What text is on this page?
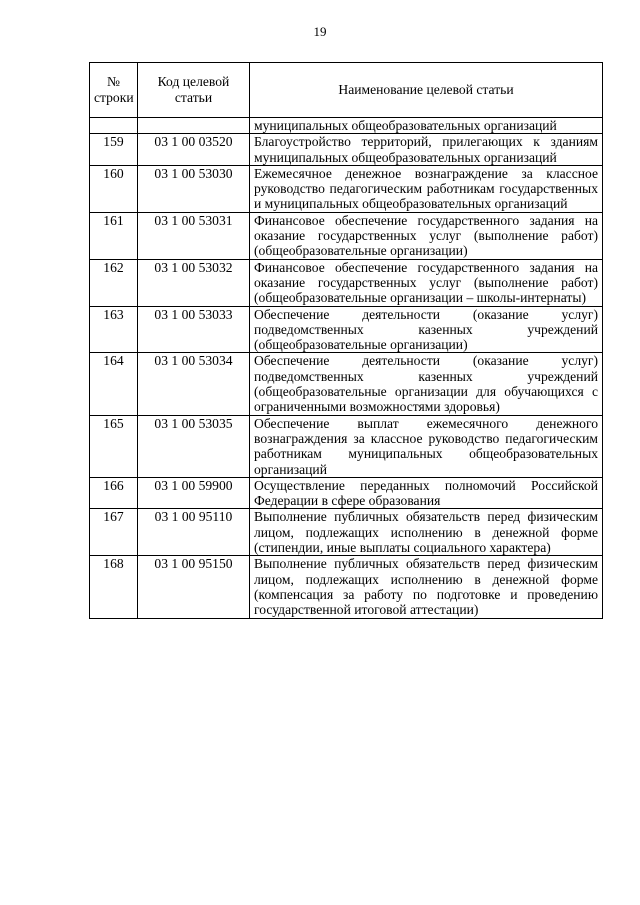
19
№ строки	Код целевой статьи	Наименование целевой статьи
		муниципальных общеобразовательных организаций
159	03 1 00 03520	Благоустройство территорий, прилегающих к зданиям муниципальных общеобразовательных организаций
160	03 1 00 53030	Ежемесячное денежное вознаграждение за классное руководство педагогическим работникам государственных и муниципальных общеобразовательных организаций
161	03 1 00 53031	Финансовое обеспечение государственного задания на оказание государственных услуг (выполнение работ) (общеобразовательные организации)
162	03 1 00 53032	Финансовое обеспечение государственного задания на оказание государственных услуг (выполнение работ) (общеобразовательные организации – школы-интернаты)
163	03 1 00 53033	Обеспечение деятельности (оказание услуг) подведомственных казенных учреждений (общеобразовательные организации)
164	03 1 00 53034	Обеспечение деятельности (оказание услуг) подведомственных казенных учреждений (общеобразовательные организации для обучающихся с ограниченными возможностями здоровья)
165	03 1 00 53035	Обеспечение выплат ежемесячного денежного вознаграждения за классное руководство педагогическим работникам муниципальных общеобразовательных организаций
166	03 1 00 59900	Осуществление переданных полномочий Российской Федерации в сфере образования
167	03 1 00 95110	Выполнение публичных обязательств перед физическим лицом, подлежащих исполнению в денежной форме (стипендии, иные выплаты социального характера)
168	03 1 00 95150	Выполнение публичных обязательств перед физическим лицом, подлежащих исполнению в денежной форме (компенсация за работу по подготовке и проведению государственной итоговой аттестации)
